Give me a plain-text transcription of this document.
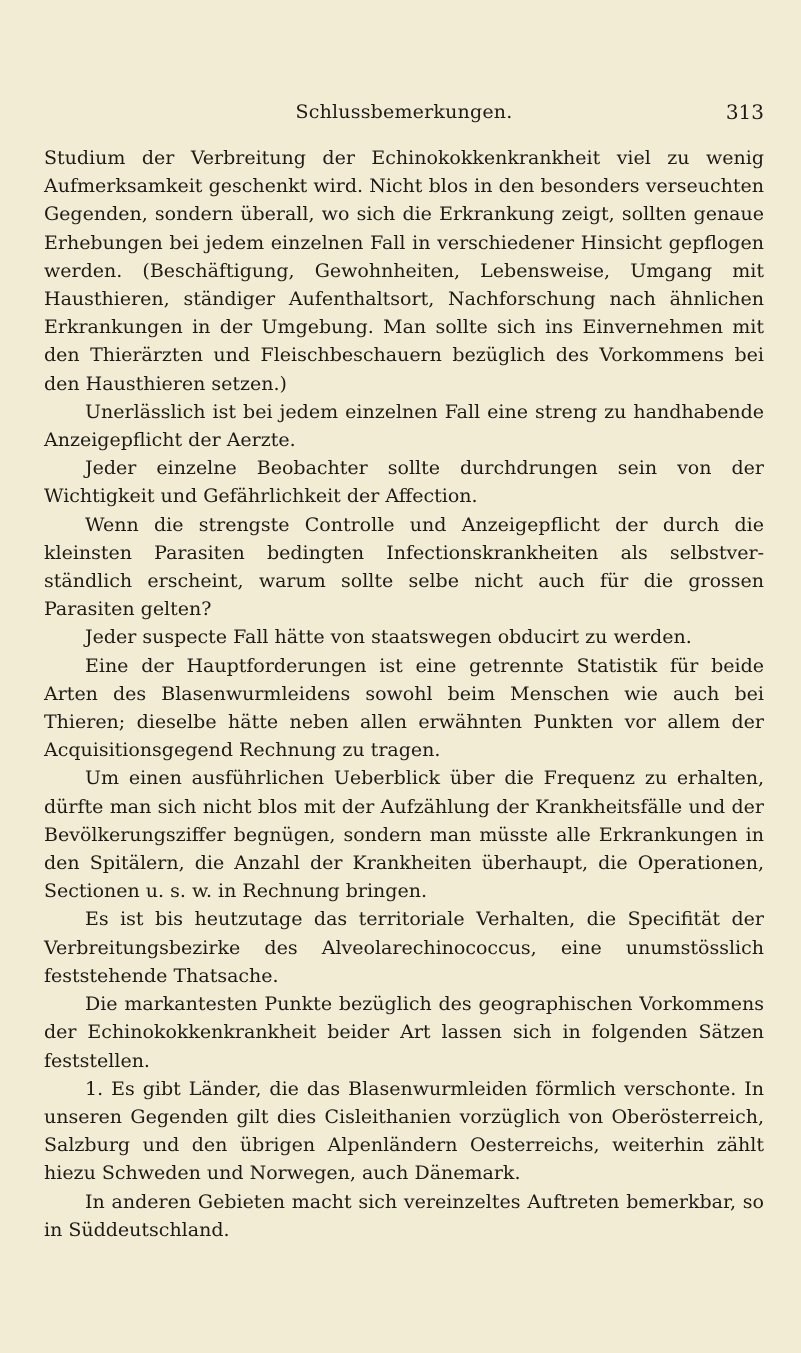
Schlussbemerkungen.	313

Studium der Verbreitung der Echinokokkenkrankheit viel zu wenig Aufmerksamkeit geschenkt wird. Nicht blos in den besonders verseuchten Gegenden, sondern überall, wo sich die Erkrankung zeigt, sollten genaue Erhebungen bei jedem einzelnen Fall in verschiedener Hinsicht gepflogen werden. (Beschäftigung, Gewohnheiten, Lebensweise, Umgang mit Hausthieren, ständiger Aufenthaltsort, Nachforschung nach ähnlichen Erkrankungen in der Umgebung. Man sollte sich ins Einvernehmen mit den Thierärzten und Fleischbeschauern bezüglich des Vorkommens bei den Hausthieren setzen.)

Unerlässlich ist bei jedem einzelnen Fall eine streng zu handhabende Anzeigepflicht der Aerzte.

Jeder einzelne Beobachter sollte durchdrungen sein von der Wichtigkeit und Gefährlichkeit der Affection.

Wenn die strengste Controlle und Anzeigepflicht der durch die kleinsten Parasiten bedingten Infectionskrankheiten als selbstverständlich erscheint, warum sollte selbe nicht auch für die grossen Parasiten gelten?

Jeder suspecte Fall hätte von staatswegen obducirt zu werden.

Eine der Hauptforderungen ist eine getrennte Statistik für beide Arten des Blasenwurmleidens sowohl beim Menschen wie auch bei Thieren; dieselbe hätte neben allen erwähnten Punkten vor allem der Acquisitionsgegend Rechnung zu tragen.

Um einen ausführlichen Ueberblick über die Frequenz zu erhalten, dürfte man sich nicht blos mit der Aufzählung der Krankheitsfälle und der Bevölkerungsziffer begnügen, sondern man müsste alle Erkrankungen in den Spitälern, die Anzahl der Krankheiten überhaupt, die Operationen, Sectionen u. s. w. in Rechnung bringen.

Es ist bis heutzutage das territoriale Verhalten, die Specifität der Verbreitungsbezirke des Alveolarechinococcus, eine unumstösslich feststehende Thatsache.

Die markantesten Punkte bezüglich des geographischen Vorkommens der Echinokokkenkrankheit beider Art lassen sich in folgenden Sätzen feststellen.

1. Es gibt Länder, die das Blasenwurmleiden förmlich verschonte. In unseren Gegenden gilt dies Cisleithanien vorzüglich von Oberösterreich, Salzburg und den übrigen Alpenländern Oesterreichs, weiterhin zählt hiezu Schweden und Norwegen, auch Dänemark.

In anderen Gebieten macht sich vereinzeltes Auftreten bemerkbar, so in Süddeutschland.
